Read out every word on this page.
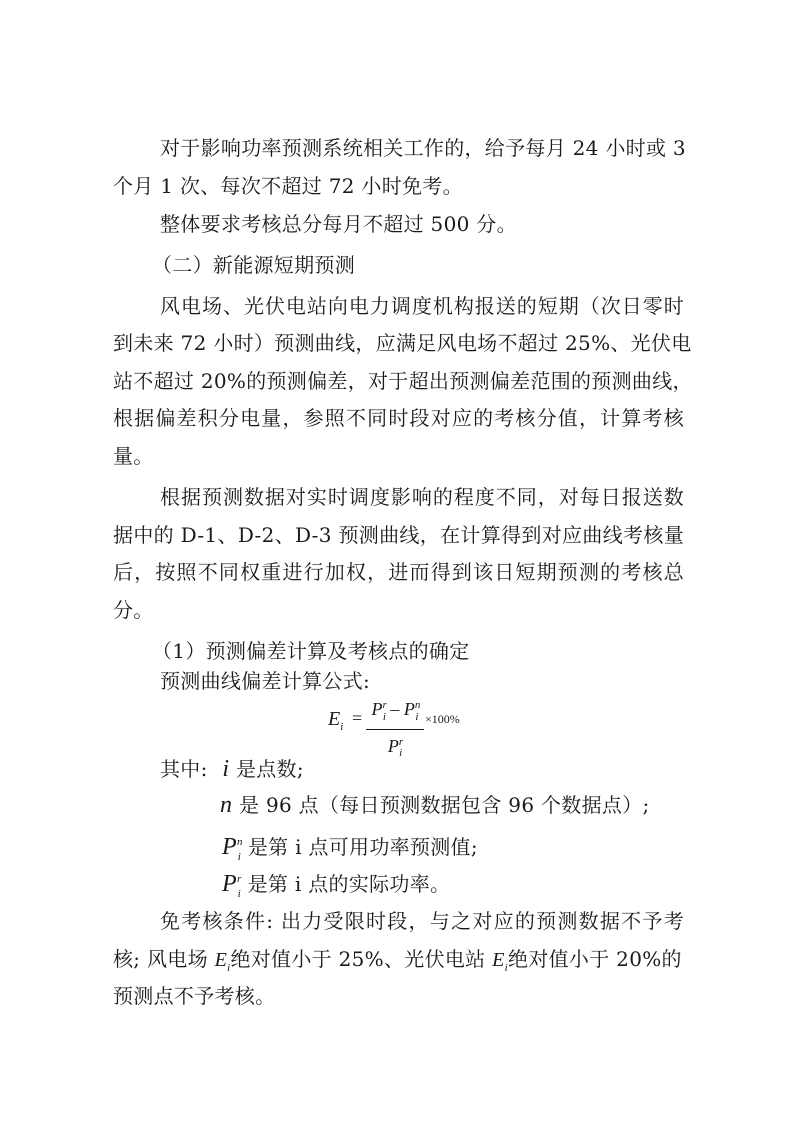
对于影响功率预测系统相关工作的，给予每月 24 小时或 3
个月 1 次、每次不超过 72 小时免考。
整体要求考核总分每月不超过 500 分。
（二）新能源短期预测
风电场、光伏电站向电力调度机构报送的短期（次日零时
到未来 72 小时）预测曲线，应满足风电场不超过 25%、光伏电
站不超过 20%的预测偏差，对于超出预测偏差范围的预测曲线，
根据偏差积分电量，参照不同时段对应的考核分值，计算考核
量。
根据预测数据对实时调度影响的程度不同，对每日报送数
据中的 D-1、D-2、D-3 预测曲线，在计算得到对应曲线考核量
后，按照不同权重进行加权，进而得到该日短期预测的考核总
分。
（1）预测偏差计算及考核点的确定
预测曲线偏差计算公式:
$E_i = P^r_i - P^n_i$
$P^r_i$
×100%
其中: i 是点数;
n 是 96 点（每日预测数据包含 96 个数据点）;
$P^n_i$ 是第 i 点可用功率预测值;
$P^r_i$ 是第 i 点的实际功率。
免考核条件: 出力受限时段，与之对应的预测数据不予考
核; 风电场 $E_i$绝对值小于 25%、光伏电站 $E_i$绝对值小于 20%的
预测点不予考核。
